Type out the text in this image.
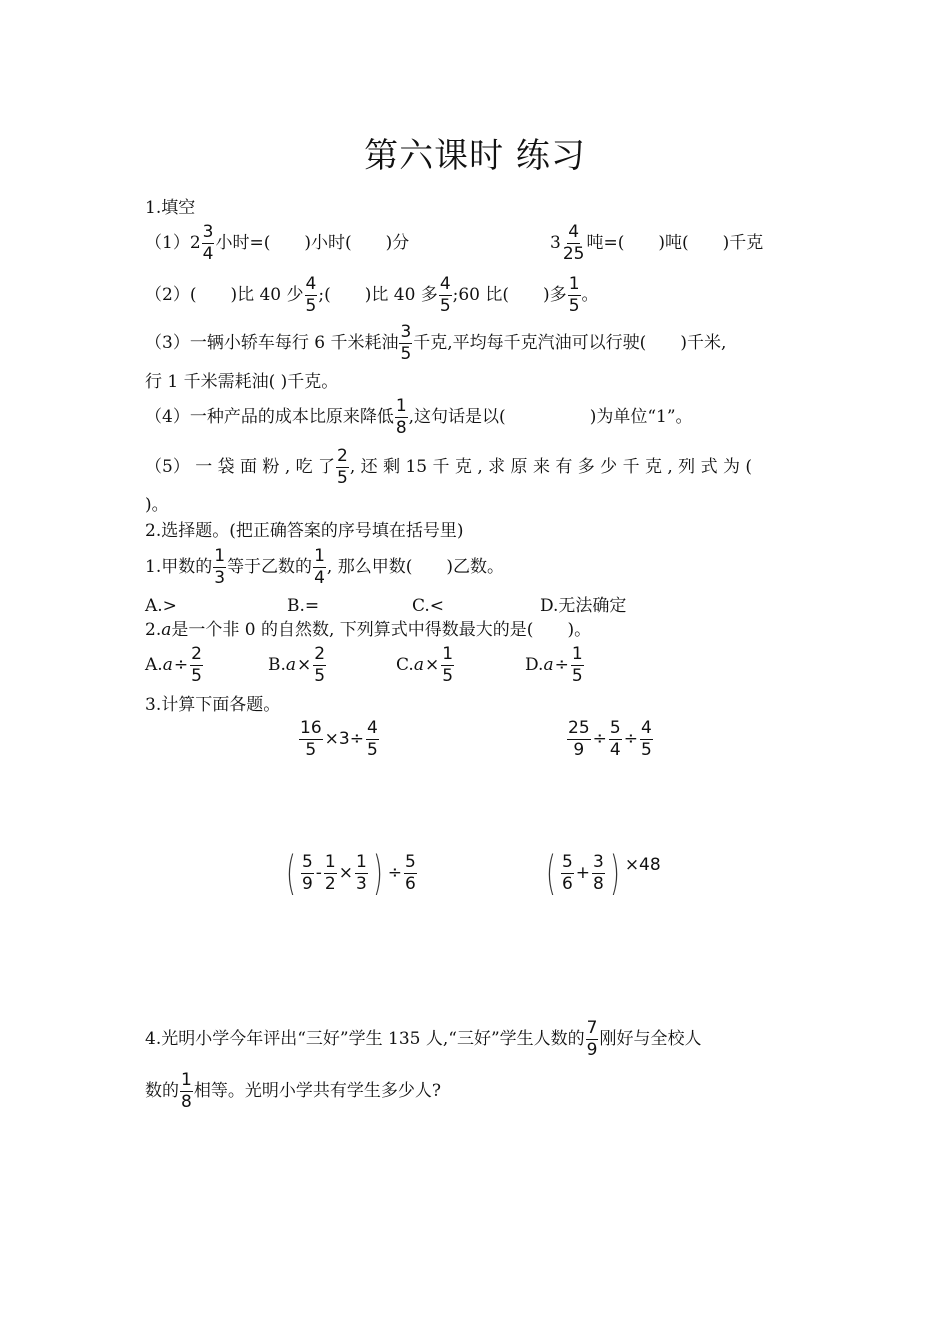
第六课时 练习
1.填空
$(1)2 \frac{3}{4}$ 小时=( )小时( )分	$3 \frac{4}{25}$ 吨=( )吨( )千克
（2）( )比 40 少 $\frac{4}{5}$ ;( )比 40 多 $\frac{4}{5}$ ;60 比( )多 $\frac{1}{5}$ 。
（3）一辆小轿车每行 6 千米耗油 $\frac{3}{5}$ 千克,平均每千克汽油可以行驶( )千米,
行 1 千米需耗油( )千克。
（4）一种产品的成本比原来降低 $\frac{1}{8}$ ,这句话是以(	)为单位“1”。
（5） 一 袋 面 粉 , 吃 了 $\frac{2}{5}$ , 还 剩 15 千 克 , 求 原 来 有 多 少 千 克 , 列 式 为 (
)。
2.选择题。(把正确答案的序号填在括号里)
1.甲数的 $\frac{1}{3}$ 等于乙数的 $\frac{1}{4}$ , 那么甲数( )乙数。
A.>	B.=	C.<	D.无法确定
2.a是一个非 0 的自然数, 下列算式中得数最大的是( )。
$A.a\div \frac{2}{5}$	$B.a\times \frac{2}{5}$	$C.a\times \frac{1}{5}$	$D.a\div \frac{1}{5}$
3.计算下面各题。
$\frac{16}{5} \times 3\div \frac{4}{5}$	$\frac{25}{9} \div \frac{5}{4} \div \frac{4}{5}$
( $\frac{5}{9} - \frac{1}{2} \times \frac{1}{3}$ ) ÷ $\frac{5}{6}$	( $\frac{5}{6} + \frac{3}{8}$ ) ×48
4.光明小学今年评出“三好”学生 135 人,“三好”学生人数的 $\frac{7}{9}$ 刚好与全校人
数的 $\frac{1}{8}$ 相等。光明小学共有学生多少人?
